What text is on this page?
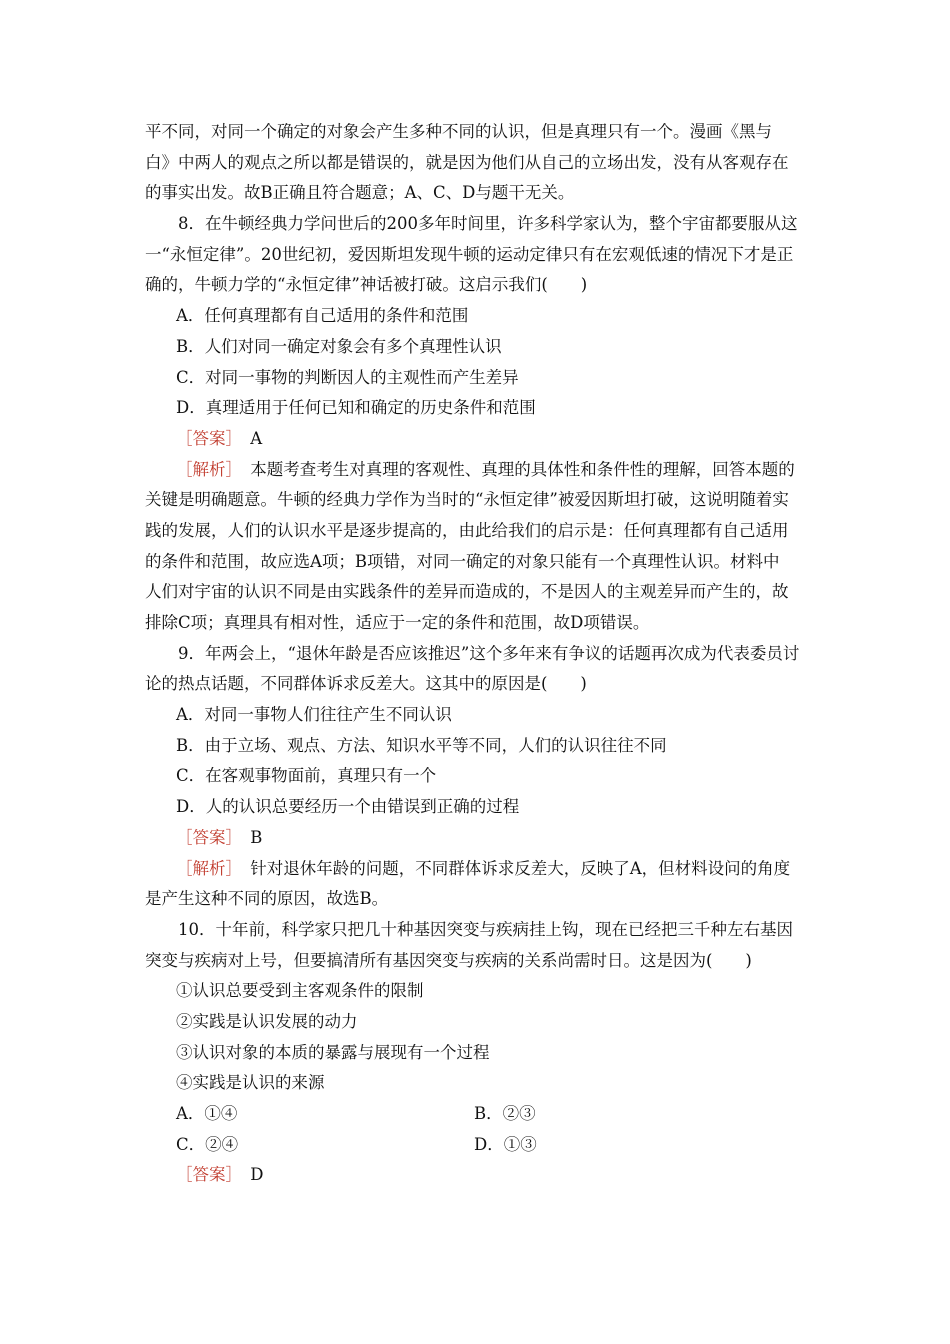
平不同，对同一个确定的对象会产生多种不同的认识，但是真理只有一个。漫画《黑与

白》中两人的观点之所以都是错误的，就是因为他们从自己的立场出发，没有从客观存在

的事实出发。故B正确且符合题意；A、C、D与题干无关。

8．在牛顿经典力学问世后的200多年时间里，许多科学家认为，整个宇宙都要服从这

一“永恒定律”。20世纪初，爱因斯坦发现牛顿的运动定律只有在宏观低速的情况下才是正

确的，牛顿力学的“永恒定律”神话被打破。这启示我们(　　)

A．任何真理都有自己适用的条件和范围

B．人们对同一确定对象会有多个真理性认识

C．对同一事物的判断因人的主观性而产生差异

D．真理适用于任何已知和确定的历史条件和范围

［答案］　 A

［解析］　 本题考查考生对真理的客观性、真理的具体性和条件性的理解，回答本题的

关键是明确题意。牛顿的经典力学作为当时的“永恒定律”被爱因斯坦打破，这说明随着实

践的发展，人们的认识水平是逐步提高的，由此给我们的启示是：任何真理都有自己适用

的条件和范围，故应选A项；B项错，对同一确定的对象只能有一个真理性认识。材料中

人们对宇宙的认识不同是由实践条件的差异而造成的，不是因人的主观差异而产生的，故

排除C项；真理具有相对性，适应于一定的条件和范围，故D项错误。

9．年两会上，“退休年龄是否应该推迟”这个多年来有争议的话题再次成为代表委员讨

论的热点话题，不同群体诉求反差大。这其中的原因是(　　)

A．对同一事物人们往往产生不同认识

B．由于立场、观点、方法、知识水平等不同，人们的认识往往不同

C．在客观事物面前，真理只有一个

D．人的认识总要经历一个由错误到正确的过程

［答案］　 B

［解析］　 针对退休年龄的问题，不同群体诉求反差大，反映了A，但材料设问的角度

是产生这种不同的原因，故选B。

10．十年前，科学家只把几十种基因突变与疾病挂上钩，现在已经把三千种左右基因

突变与疾病对上号，但要搞清所有基因突变与疾病的关系尚需时日。这是因为(　　)

①认识总要受到主客观条件的限制

②实践是认识发展的动力

③认识对象的本质的暴露与展现有一个过程

④实践是认识的来源

A．①④	B．②③
C．②④	D．①③

［答案］　 D
